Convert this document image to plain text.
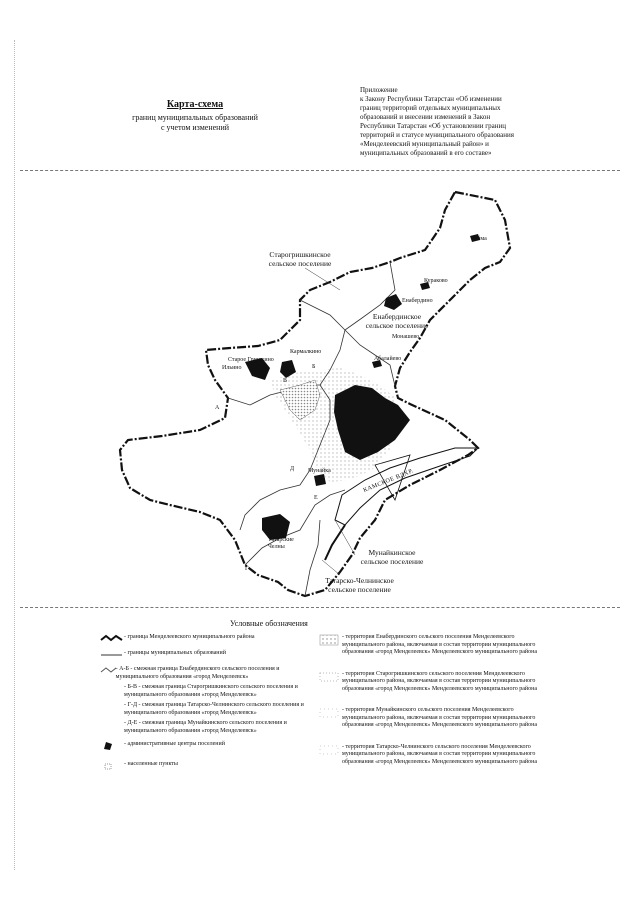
Карта-схема
границ муниципальных образований
с учетом изменений
Приложение
к Закону Республики Татарстан «Об изменении
границ территорий отдельных муниципальных
образований и внесении изменений в Закон
Республики Татарстан «Об установлении границ
территорий и статусе муниципального образования
«Менделеевский муниципальный район» и
муниципальных образований в его составе»
Тойма
Кураково
Енабердино
Енабердинское
сельское поселение
Монашево
Старогришкинское
сельское поселение
Кармалкино
Старое Гришкино
Ильино
Абалайево
Мунайка
Татарские Челны
Мунайкинское
сельское поселение
Татарско-Челнинское
сельское поселение
КАМСКОЕ ВДХР.
А
Б
В
Г
Д
Е
Условные обозначения
- граница Менделеевского муниципального района
- границы муниципальных образований
- А-Б - смежная граница Енабердинского сельского поселения и муниципального образования «город Менделеевск»
- Б-В - смежная граница Старогришкинского сельского поселения и муниципального образования «город Менделеевск»
- Г-Д - смежная граница Татарско-Челнинского сельского поселения и муниципального образования «город Менделеевск»
- Д-Е - смежная граница Мунайкинского сельского поселения и муниципального образования «город Менделеевск»
- административные центры поселений
- населенные пункты
- территория Енабердинского сельского поселения Менделеевского муниципального района, включаемая в состав территории муниципального образования «город Менделеевск» Менделеевского муниципального района
- территория Старогришкинского сельского поселения Менделеевского муниципального района, включаемая в состав территории муниципального образования «город Менделеевск» Менделеевского муниципального района
- территория Мунайкинского сельского поселения Менделеевского муниципального района, включаемая в состав территории муниципального образования «город Менделеевск» Менделеевского муниципального района
- территория Татарско-Челнинского сельского поселения Менделеевского муниципального района, включаемая в состав территории муниципального образования «город Менделеевск» Менделеевского муниципального района
